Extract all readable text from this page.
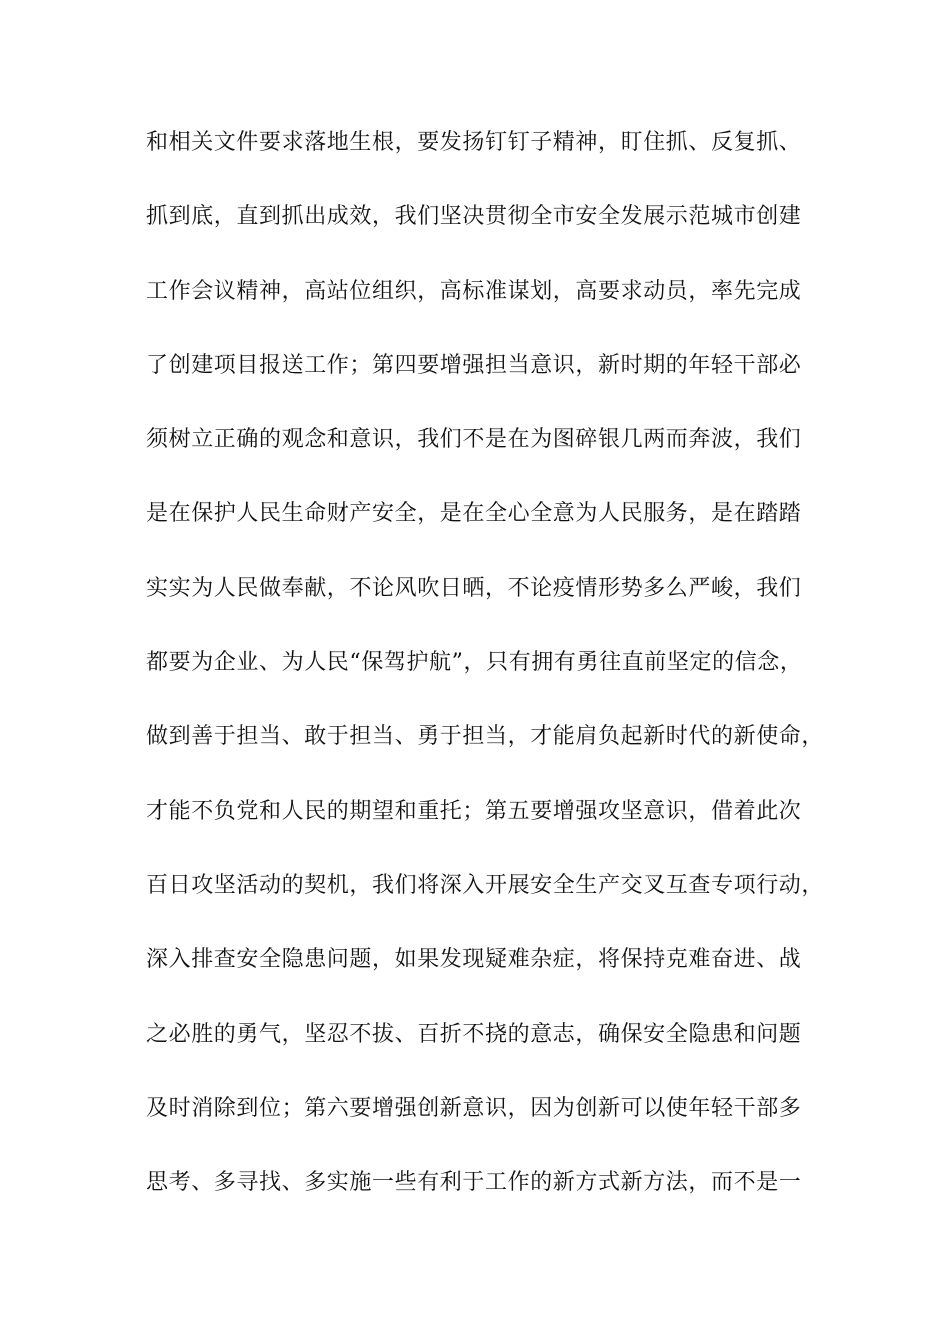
和相关文件要求落地生根，要发扬钉钉子精神，盯住抓、反复抓、
抓到底，直到抓出成效，我们坚决贯彻全市安全发展示范城市创建
工作会议精神，高站位组织，高标准谋划，高要求动员，率先完成
了创建项目报送工作；第四要增强担当意识，新时期的年轻干部必
须树立正确的观念和意识，我们不是在为图碎银几两而奔波，我们
是在保护人民生命财产安全，是在全心全意为人民服务，是在踏踏
实实为人民做奉献，不论风吹日晒，不论疫情形势多么严峻，我们
都要为企业、为人民“保驾护航”，只有拥有勇往直前坚定的信念，
做到善于担当、敢于担当、勇于担当，才能肩负起新时代的新使命，
才能不负党和人民的期望和重托；第五要增强攻坚意识，借着此次
百日攻坚活动的契机，我们将深入开展安全生产交叉互查专项行动，
深入排查安全隐患问题，如果发现疑难杂症，将保持克难奋进、战
之必胜的勇气，坚忍不拔、百折不挠的意志，确保安全隐患和问题
及时消除到位；第六要增强创新意识，因为创新可以使年轻干部多
思考、多寻找、多实施一些有利于工作的新方式新方法，而不是一
